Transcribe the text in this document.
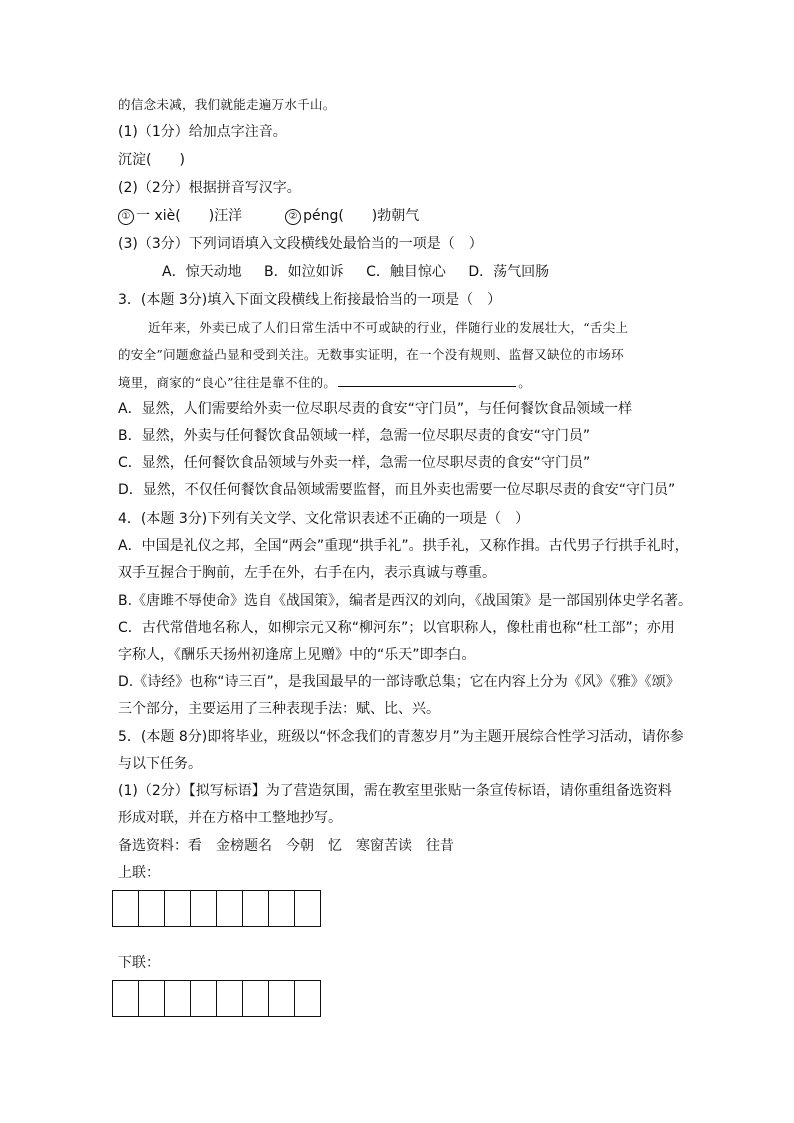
的信念未减，我们就能走遍万水千山。
(1)（1分）给加点字注音。
沉淀(　　)
(2)（2分）根据拼音写汉字。
① 一 xiè(　　)汪洋	② péng(　　)勃朝气
(3)（3分）下列词语填入文段横线处最恰当的一项是（　）
A．惊天动地 B．如泣如诉 C．触目惊心 D．荡气回肠
3．(本题 3分)填入下面文段横线上衔接最恰当的一项是（　）
近年来，外卖已成了人们日常生活中不可或缺的行业，伴随行业的发展壮大，“舌尖上
的安全”问题愈益凸显和受到关注。无数事实证明，在一个没有规则、监督又缺位的市场环
境里，商家的“良心”往往是靠不住的。	。
A．显然，人们需要给外卖一位尽职尽责的食安“守门员”，与任何餐饮食品领域一样
B．显然，外卖与任何餐饮食品领域一样，急需一位尽职尽责的食安“守门员”
C．显然，任何餐饮食品领域与外卖一样，急需一位尽职尽责的食安“守门员”
D．显然，不仅任何餐饮食品领域需要监督，而且外卖也需要一位尽职尽责的食安“守门员”
4．(本题 3分)下列有关文学、文化常识表述不正确的一项是（　）
A．中国是礼仪之邦，全国“两会”重现“拱手礼”。拱手礼，又称作揖。古代男子行拱手礼时，
双手互握合于胸前，左手在外，右手在内，表示真诚与尊重。
B.《唐雎不辱使命》选自《战国策》，编者是西汉的刘向，《战国策》是一部国别体史学名著。
C．古代常借地名称人，如柳宗元又称“柳河东”；以官职称人，像杜甫也称“杜工部”；亦用
字称人，《酬乐天扬州初逢席上见赠》中的“乐天”即李白。
D.《诗经》也称“诗三百”，是我国最早的一部诗歌总集；它在内容上分为《风》《雅》《颂》
三个部分，主要运用了三种表现手法：赋、比、兴。
5．(本题 8分)即将毕业，班级以“怀念我们的青葱岁月”为主题开展综合性学习活动，请你参
与以下任务。
(1)（2分）【拟写标语】为了营造氛围，需在教室里张贴一条宣传标语，请你重组备选资料
形成对联，并在方格中工整地抄写。
备选资料：看　金榜题名　今朝　忆　寒窗苦读　往昔
上联：
下联：
